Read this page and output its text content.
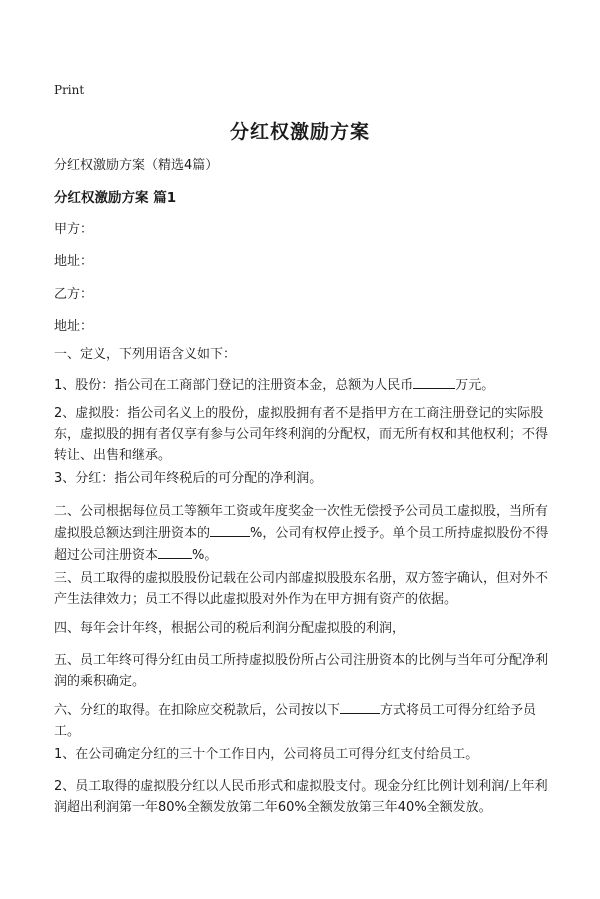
Print
分红权激励方案
分红权激励方案（精选4篇）
分红权激励方案 篇1
甲方：
地址：
乙方：
地址：
一、定义，下列用语含义如下：
1、股份：指公司在工商部门登记的注册资本金，总额为人民币	万元。
2、虚拟股：指公司名义上的股份，虚拟股拥有者不是指甲方在工商注册登记的实际股东，虚拟股的拥有者仅享有参与公司年终利润的分配权，而无所有权和其他权利；不得转让、出售和继承。
3、分红：指公司年终税后的可分配的净利润。
二、公司根据每位员工等额年工资或年度奖金一次性无偿授予公司员工虚拟股，当所有虚拟股总额达到注册资本的	%，公司有权停止授予。单个员工所持虚拟股份不得超过公司注册资本	%。
三、员工取得的虚拟股股份记载在公司内部虚拟股股东名册，双方签字确认，但对外不产生法律效力；员工不得以此虚拟股对外作为在甲方拥有资产的依据。
四、每年会计年终，根据公司的税后利润分配虚拟股的利润，
五、员工年终可得分红由员工所持虚拟股份所占公司注册资本的比例与当年可分配净利润的乘积确定。
六、分红的取得。在扣除应交税款后，公司按以下	方式将员工可得分红给予员工。
1、在公司确定分红的三十个工作日内，公司将员工可得分红支付给员工。
2、员工取得的虚拟股分红以人民币形式和虚拟股支付。现金分红比例计划利润/上年利润超出利润第一年80%全额发放第二年60%全额发放第三年40%全额发放。
